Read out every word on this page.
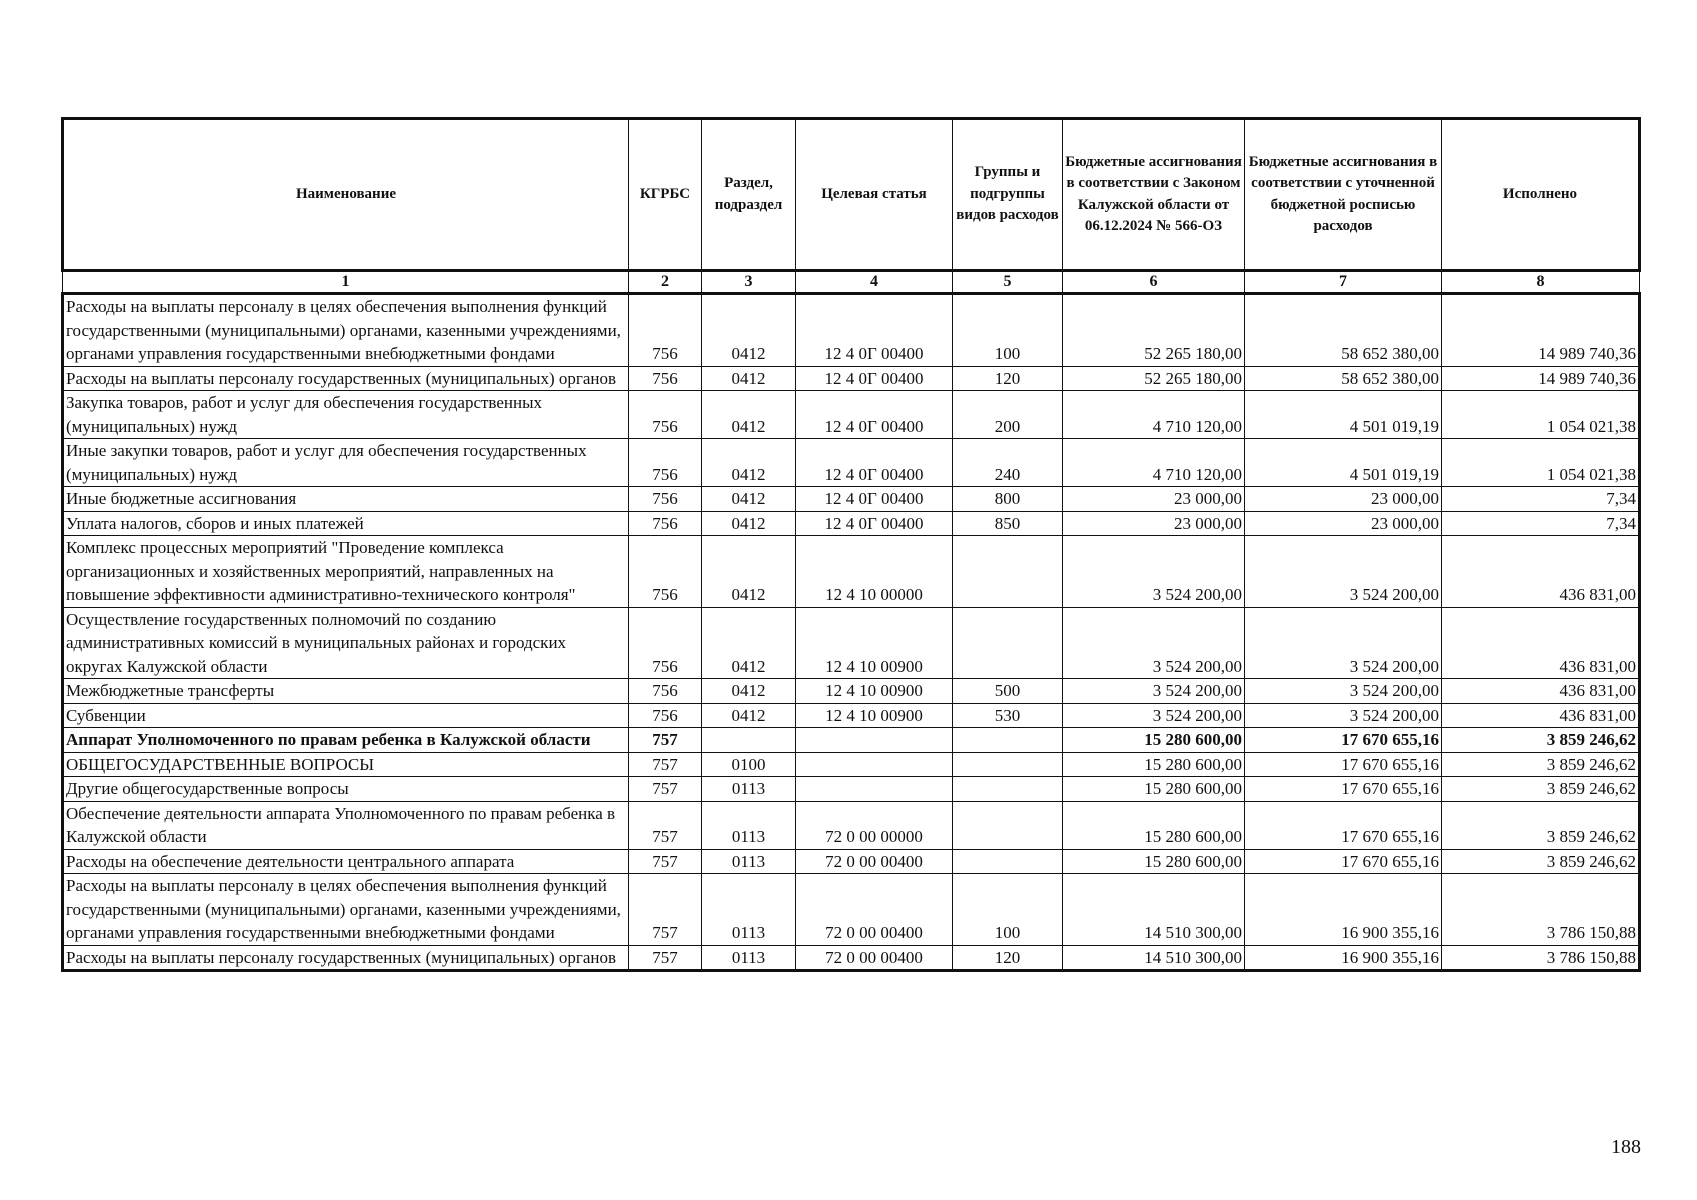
Наименование	КГРБС	Раздел, подраздел	Целевая статья	Группы и подгруппы видов расходов	Бюджетные ассигнования в соответствии с Законом Калужской области от 06.12.2024 № 566-ОЗ	Бюджетные ассигнования в соответствии с уточненной бюджетной росписью расходов	Исполнено
1	2	3	4	5	6	7	8
Расходы на выплаты персоналу в целях обеспечения выполнения функций государственными (муниципальными) органами, казенными учреждениями, органами управления государственными внебюджетными фондами	756	0412	12 4 0Г 00400	100	52 265 180,00	58 652 380,00	14 989 740,36
Расходы на выплаты персоналу государственных (муниципальных) органов	756	0412	12 4 0Г 00400	120	52 265 180,00	58 652 380,00	14 989 740,36
Закупка товаров, работ и услуг для обеспечения государственных (муниципальных) нужд	756	0412	12 4 0Г 00400	200	4 710 120,00	4 501 019,19	1 054 021,38
Иные закупки товаров, работ и услуг для обеспечения государственных (муниципальных) нужд	756	0412	12 4 0Г 00400	240	4 710 120,00	4 501 019,19	1 054 021,38
Иные бюджетные ассигнования	756	0412	12 4 0Г 00400	800	23 000,00	23 000,00	7,34
Уплата налогов, сборов и иных платежей	756	0412	12 4 0Г 00400	850	23 000,00	23 000,00	7,34
Комплекс процессных мероприятий "Проведение комплекса организационных и хозяйственных мероприятий, направленных на повышение эффективности административно-технического контроля"	756	0412	12 4 10 00000		3 524 200,00	3 524 200,00	436 831,00
Осуществление государственных полномочий по созданию административных комиссий в муниципальных районах и городских округах Калужской области	756	0412	12 4 10 00900		3 524 200,00	3 524 200,00	436 831,00
Межбюджетные трансферты	756	0412	12 4 10 00900	500	3 524 200,00	3 524 200,00	436 831,00
Субвенции	756	0412	12 4 10 00900	530	3 524 200,00	3 524 200,00	436 831,00
Аппарат Уполномоченного по правам ребенка в Калужской области	757				15 280 600,00	17 670 655,16	3 859 246,62
ОБЩЕГОСУДАРСТВЕННЫЕ ВОПРОСЫ	757	0100			15 280 600,00	17 670 655,16	3 859 246,62
Другие общегосударственные вопросы	757	0113			15 280 600,00	17 670 655,16	3 859 246,62
Обеспечение деятельности аппарата Уполномоченного по правам ребенка в Калужской области	757	0113	72 0 00 00000		15 280 600,00	17 670 655,16	3 859 246,62
Расходы на обеспечение деятельности центрального аппарата	757	0113	72 0 00 00400		15 280 600,00	17 670 655,16	3 859 246,62
Расходы на выплаты персоналу в целях обеспечения выполнения функций государственными (муниципальными) органами, казенными учреждениями, органами управления государственными внебюджетными фондами	757	0113	72 0 00 00400	100	14 510 300,00	16 900 355,16	3 786 150,88
Расходы на выплаты персоналу государственных (муниципальных) органов	757	0113	72 0 00 00400	120	14 510 300,00	16 900 355,16	3 786 150,88
188
